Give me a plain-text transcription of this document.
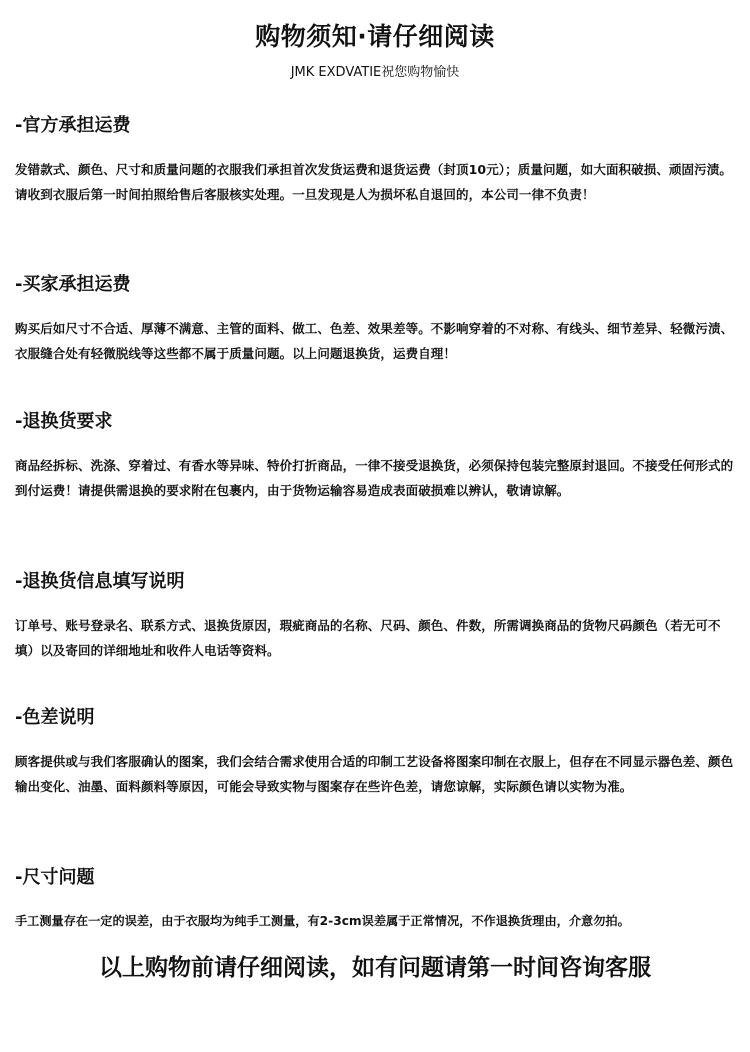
购物须知·请仔细阅读
JMK EXDVATIE祝您购物愉快
-官方承担运费

发错款式、颜色、尺寸和质量问题的衣服我们承担首次发货运费和退货运费（封顶10元）；质量问题，如大面积破损、顽固污渍。请收到衣服后第一时间拍照给售后客服核实处理。一旦发现是人为损坏私自退回的，本公司一律不负责！

-买家承担运费

购买后如尺寸不合适、厚薄不满意、主管的面料、做工、色差、效果差等。不影响穿着的不对称、有线头、细节差异、轻微污渍、衣服缝合处有轻微脱线等这些都不属于质量问题。以上问题退换货，运费自理！

-退换货要求

商品经拆标、洗涤、穿着过、有香水等异味、特价打折商品，一律不接受退换货，必须保持包装完整原封退回。不接受任何形式的到付运费！请提供需退换的要求附在包裹内，由于货物运输容易造成表面破损难以辨认，敬请谅解。

-退换货信息填写说明

订单号、账号登录名、联系方式、退换货原因，瑕疵商品的名称、尺码、颜色、件数，所需调换商品的货物尺码颜色（若无可不填）以及寄回的详细地址和收件人电话等资料。

-色差说明

顾客提供或与我们客服确认的图案，我们会结合需求使用合适的印制工艺设备将图案印制在衣服上，但存在不同显示器色差、颜色输出变化、油墨、面料颜料等原因，可能会导致实物与图案存在些许色差，请您谅解，实际颜色请以实物为准。

-尺寸问题

手工测量存在一定的误差，由于衣服均为纯手工测量，有2-3cm误差属于正常情况，不作退换货理由，介意勿拍。

以上购物前请仔细阅读，如有问题请第一时间咨询客服
